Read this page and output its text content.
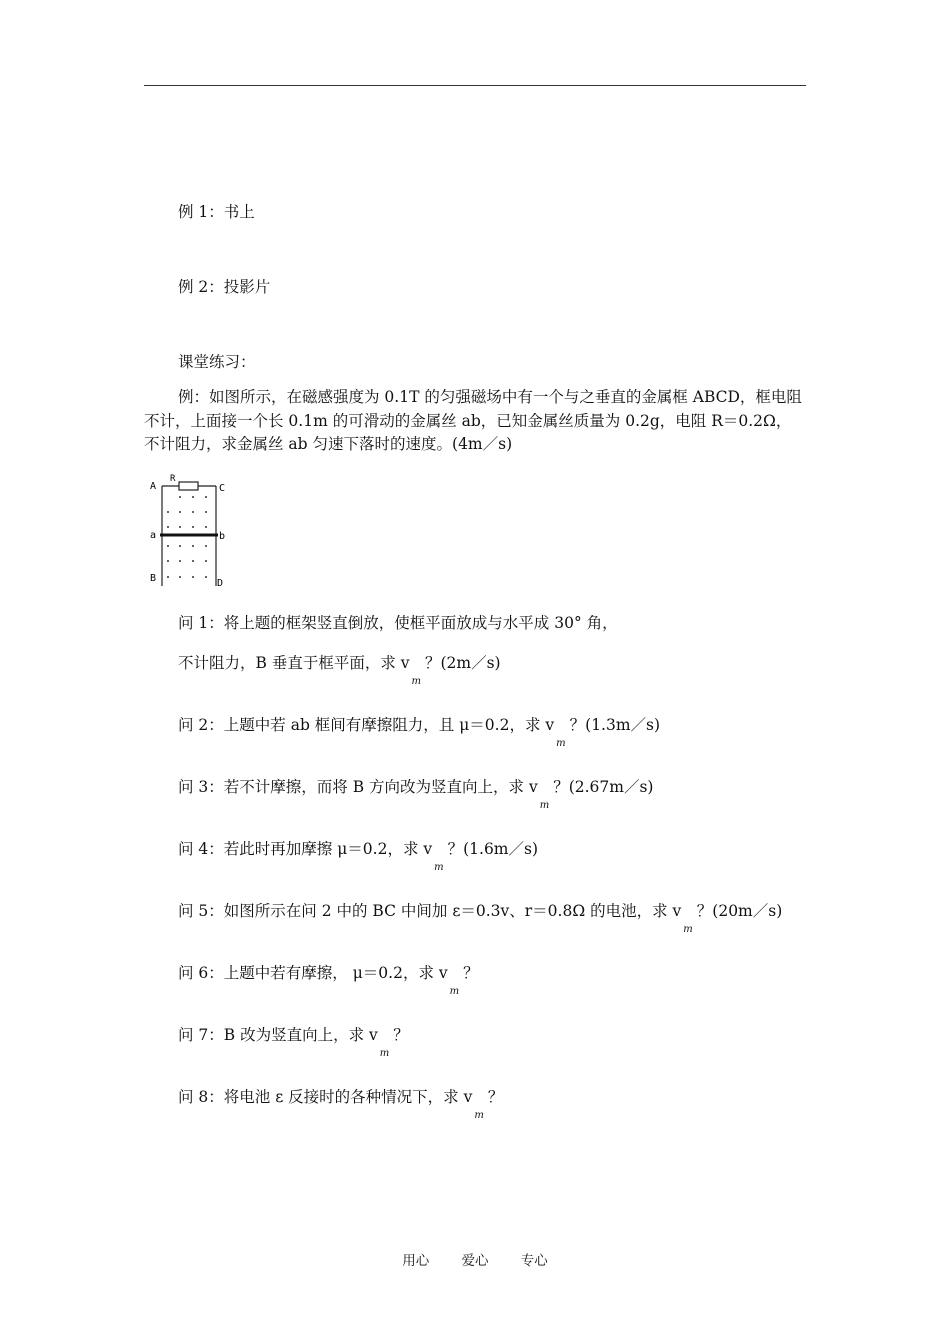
例 1：书上
例 2：投影片
课堂练习：
例：如图所示，在磁感强度为 0.1T 的匀强磁场中有一个与之垂直的金属框 ABCD，框电阻不计，上面接一个长 0.1m 的可滑动的金属丝 ab，已知金属丝质量为 0.2g，电阻 R＝0.2Ω，不计阻力，求金属丝 ab 匀速下落时的速度。(4m／s)
A	C
R
a	b
B	D
问 1：将上题的框架竖直倒放，使框平面放成与水平成 30° 角，
不计阻力，B 垂直于框平面，求 $v_m$？(2m／s)
问 2：上题中若 ab 框间有摩擦阻力，且 μ＝0.2，求 $v_m$？(1.3m／s)
问 3：若不计摩擦，而将 B 方向改为竖直向上，求 $v_m$？(2.67m／s)
问 4：若此时再加摩擦 μ＝0.2，求 $v_m$？(1.6m／s)
问 5：如图所示在问 2 中的 BC 中间加 ε＝0.3v、r＝0.8Ω 的电池，求 $v_m$？(20m／s)
问 6：上题中若有摩擦， μ＝0.2，求 $v_m$？
问 7：B 改为竖直向上，求 $v_m$？
问 8：将电池 ε 反接时的各种情况下，求 $v_m$？
用心 爱心 专心
